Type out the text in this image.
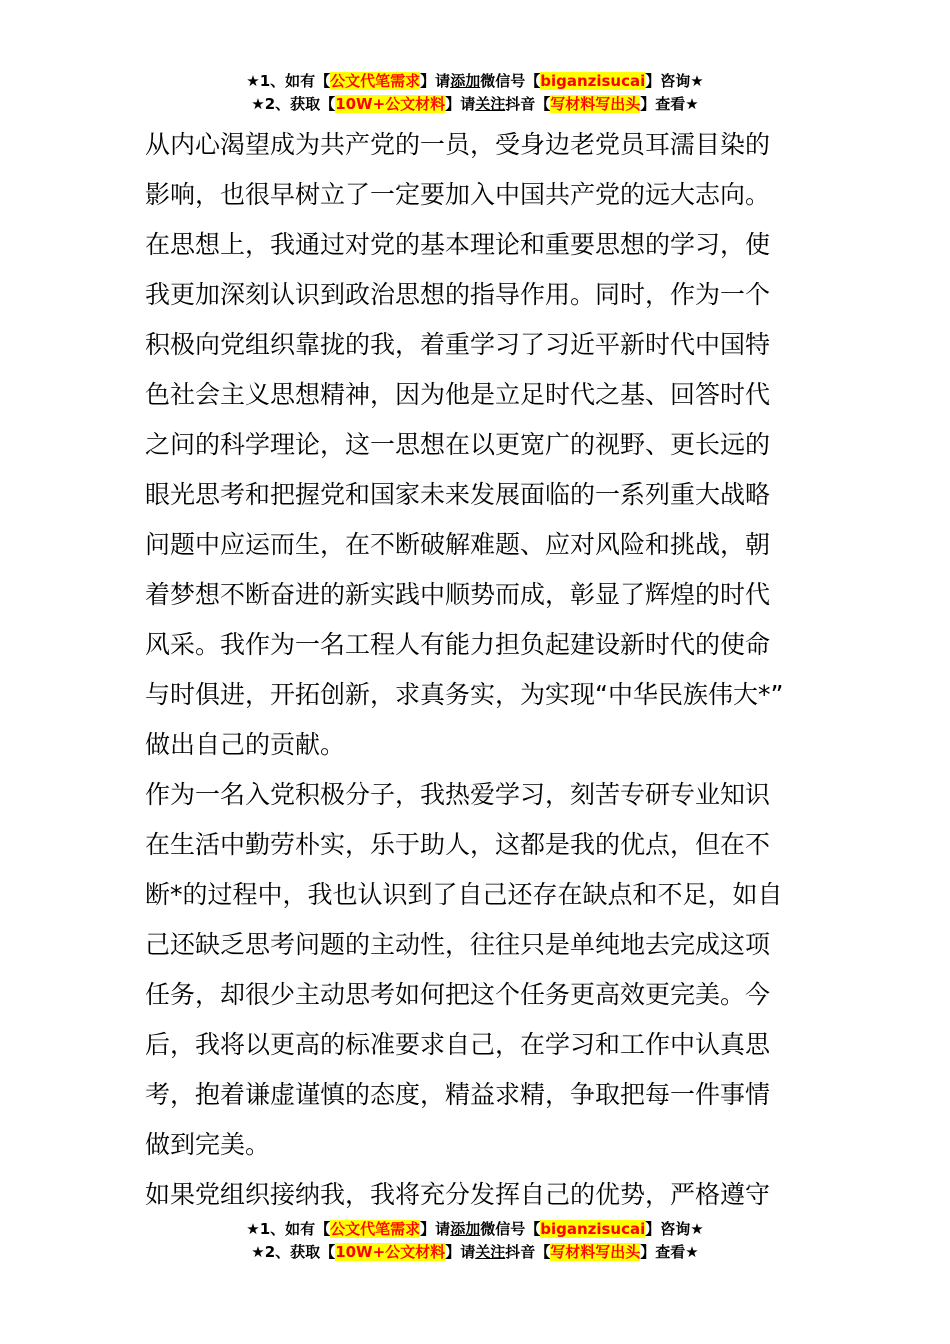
★1、如有【公文代笔需求】请添加微信号【biganzisucai】咨询★
★2、获取【10W+公文材料】请关注抖音【写材料写出头】查看★
从内心渴望成为共产党的一员，受身边老党员耳濡目染的
影响，也很早树立了一定要加入中国共产党的远大志向。
在思想上，我通过对党的基本理论和重要思想的学习，使
我更加深刻认识到政治思想的指导作用。同时，作为一个
积极向党组织靠拢的我，着重学习了习近平新时代中国特
色社会主义思想精神，因为他是立足时代之基、回答时代
之问的科学理论，这一思想在以更宽广的视野、更长远的
眼光思考和把握党和国家未来发展面临的一系列重大战略
问题中应运而生，在不断破解难题、应对风险和挑战，朝
着梦想不断奋进的新实践中顺势而成，彰显了辉煌的时代
风采。我作为一名工程人有能力担负起建设新时代的使命
与时俱进，开拓创新，求真务实，为实现“中华民族伟大*”
做出自己的贡献。
作为一名入党积极分子，我热爱学习，刻苦专研专业知识
在生活中勤劳朴实，乐于助人，这都是我的优点，但在不
断*的过程中，我也认识到了自己还存在缺点和不足，如自
己还缺乏思考问题的主动性，往往只是单纯地去完成这项
任务，却很少主动思考如何把这个任务更高效更完美。今
后，我将以更高的标准要求自己，在学习和工作中认真思
考，抱着谦虚谨慎的态度，精益求精，争取把每一件事情
做到完美。
如果党组织接纳我，我将充分发挥自己的优势，严格遵守
★1、如有【公文代笔需求】请添加微信号【biganzisucai】咨询★
★2、获取【10W+公文材料】请关注抖音【写材料写出头】查看★
